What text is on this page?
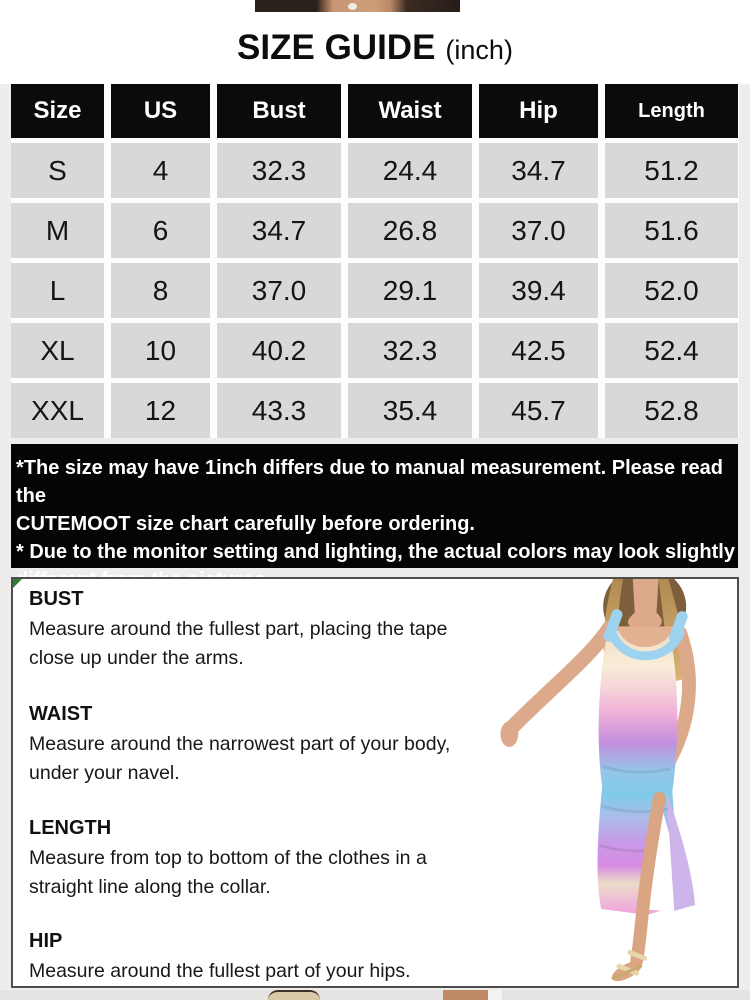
SIZE GUIDE (inch)
Size	US	Bust	Waist	Hip	Length
S	4	32.3	24.4	34.7	51.2
M	6	34.7	26.8	37.0	51.6
L	8	37.0	29.1	39.4	52.0
XL	10	40.2	32.3	42.5	52.4
XXL	12	43.3	35.4	45.7	52.8
*The size may have 1inch differs due to manual measurement. Please read the
CUTEMOOT size chart carefully before ordering.
* Due to the monitor setting and lighting, the actual colors may look slightly
BUST
Measure around the fullest part, placing the tape
close up under the arms.
WAIST
Measure around the narrowest part of your body,
under your navel.
LENGTH
Measure from top to bottom of the clothes in a
straight line along the collar.
HIP
Measure around the fullest part of your hips.
